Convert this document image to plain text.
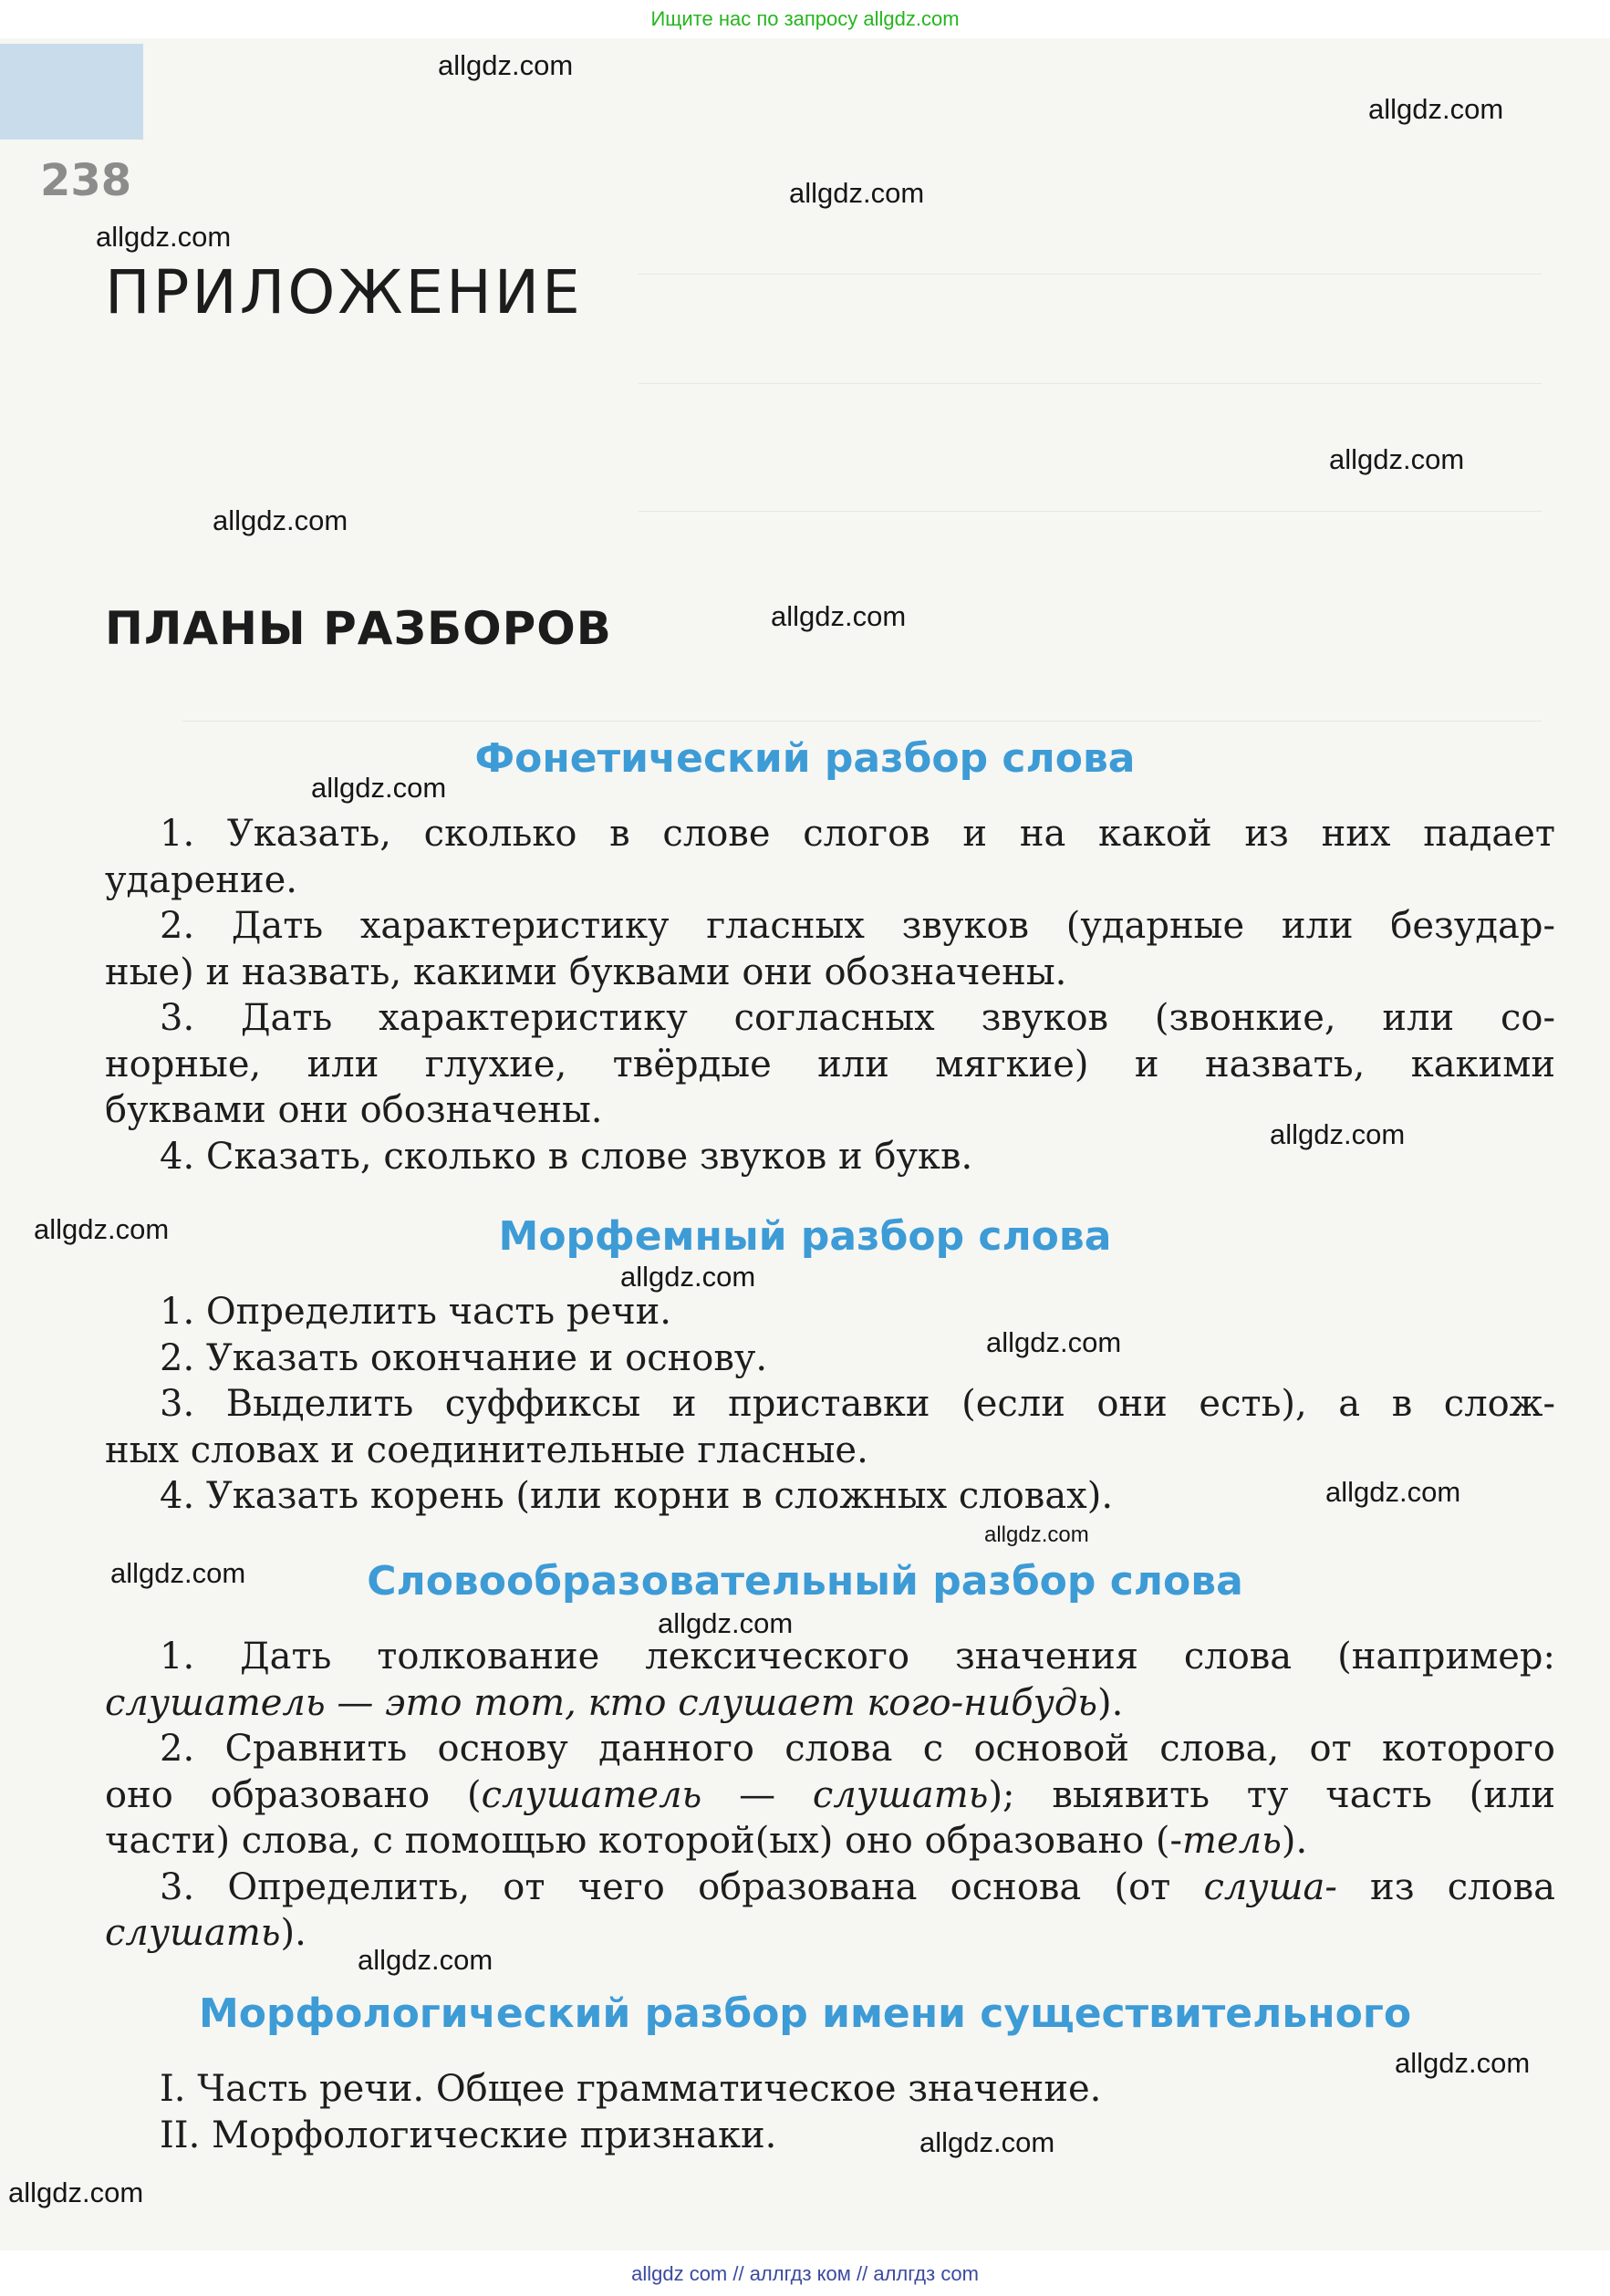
Ищите нас по запросу allgdz.com
238
ПРИЛОЖЕНИЕ
ПЛАНЫ РАЗБОРОВ
Фонетический разбор слова
1. Указать, сколько в слове слогов и на какой из них падает
ударение.
2. Дать характеристику гласных звуков (ударные или безудар-
ные) и назвать, какими буквами они обозначены.
3. Дать характеристику согласных звуков (звонкие, или со-
норные, или глухие, твёрдые или мягкие) и назвать, какими
буквами они обозначены.
4. Сказать, сколько в слове звуков и букв.
Морфемный разбор слова
1. Определить часть речи.
2. Указать окончание и основу.
3. Выделить суффиксы и приставки (если они есть), а в слож-
ных словах и соединительные гласные.
4. Указать корень (или корни в сложных словах).
Словообразовательный разбор слова
1. Дать толкование лексического значения слова (например:
слушатель — это тот, кто слушает кого-нибудь).
2. Сравнить основу данного слова с основой слова, от которого
оно образовано (слушатель — слушать); выявить ту часть (или
части) слова, с помощью которой(ых) оно образовано (-тель).
3. Определить, от чего образована основа (от слуша- из слова
слушать).
Морфологический разбор имени существительного
I. Часть речи. Общее грамматическое значение.
II. Морфологические признаки.
allgdz.com
allgdz.com
allgdz.com
allgdz.com
allgdz.com
allgdz.com
allgdz.com
allgdz.com
allgdz.com
allgdz.com
allgdz.com
allgdz.com
allgdz.com
allgdz.com
allgdz.com
allgdz.com
allgdz.com
allgdz.com
allgdz.com
allgdz.com
allgdz com // аллгдз ком // аллгдз com
